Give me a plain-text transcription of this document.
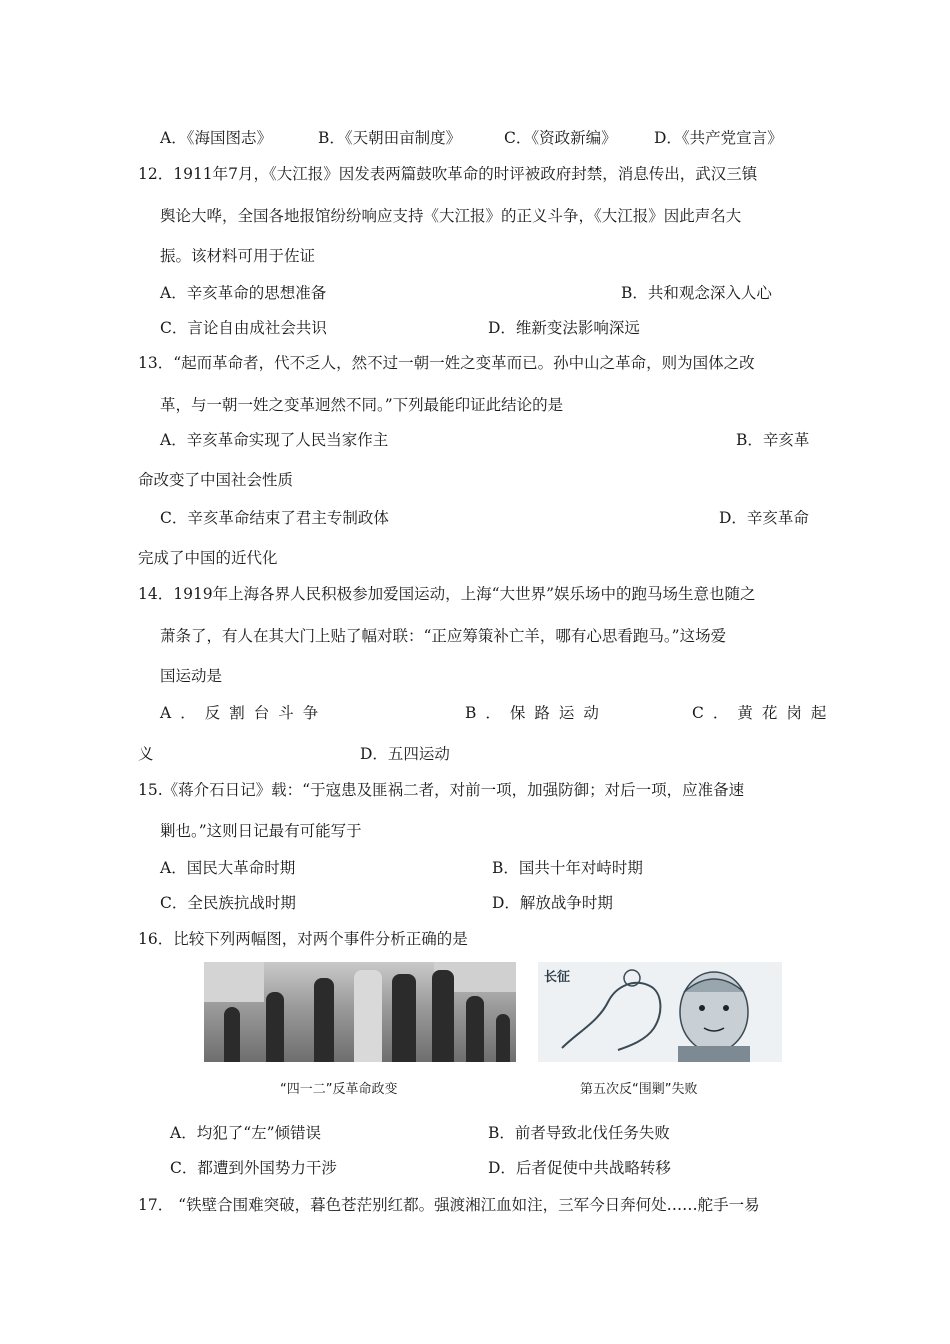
A．《海国图志》	B．《天朝田亩制度》	C．《资政新编》 D．《共产党宣言》
12．1911年7月，《大江报》因发表两篇鼓吹革命的时评被政府封禁，消息传出，武汉三镇
舆论大哗，全国各地报馆纷纷响应支持《大江报》的正义斗争，《大江报》因此声名大
振。该材料可用于佐证
A．辛亥革命的思想准备	B．共和观念深入人心
C．言论自由成社会共识	D．维新变法影响深远
13．“起而革命者，代不乏人，然不过一朝一姓之变革而已。孙中山之革命，则为国体之改
革，与一朝一姓之变革迥然不同。”下列最能印证此结论的是
A．辛亥革命实现了人民当家作主	B．辛亥革
命改变了中国社会性质
C．辛亥革命结束了君主专制政体	D．辛亥革命
完成了中国的近代化
14．1919年上海各界人民积极参加爱国运动，上海“大世界”娱乐场中的跑马场生意也随之
萧条了，有人在其大门上贴了幅对联：“正应筹策补亡羊，哪有心思看跑马。”这场爱
国运动是
A．反割台斗争	B．保路运动	C．黄花岗起
义	D．五四运动
15.《蒋介石日记》载：“于寇患及匪祸二者，对前一项，加强防御；对后一项，应准备速
剿也。”这则日记最有可能写于
A．国民大革命时期	B．国共十年对峙时期
C．全民族抗战时期	D．解放战争时期
16．比较下列两幅图，对两个事件分析正确的是
“四一二”反革命政变
长征
第五次反“围剿”失败
A．均犯了“左”倾错误	B．前者导致北伐任务失败
C．都遭到外国势力干涉	D．后者促使中共战略转移
17． “铁壁合围难突破，暮色苍茫别红都。强渡湘江血如注，三军今日奔何处……舵手一易
